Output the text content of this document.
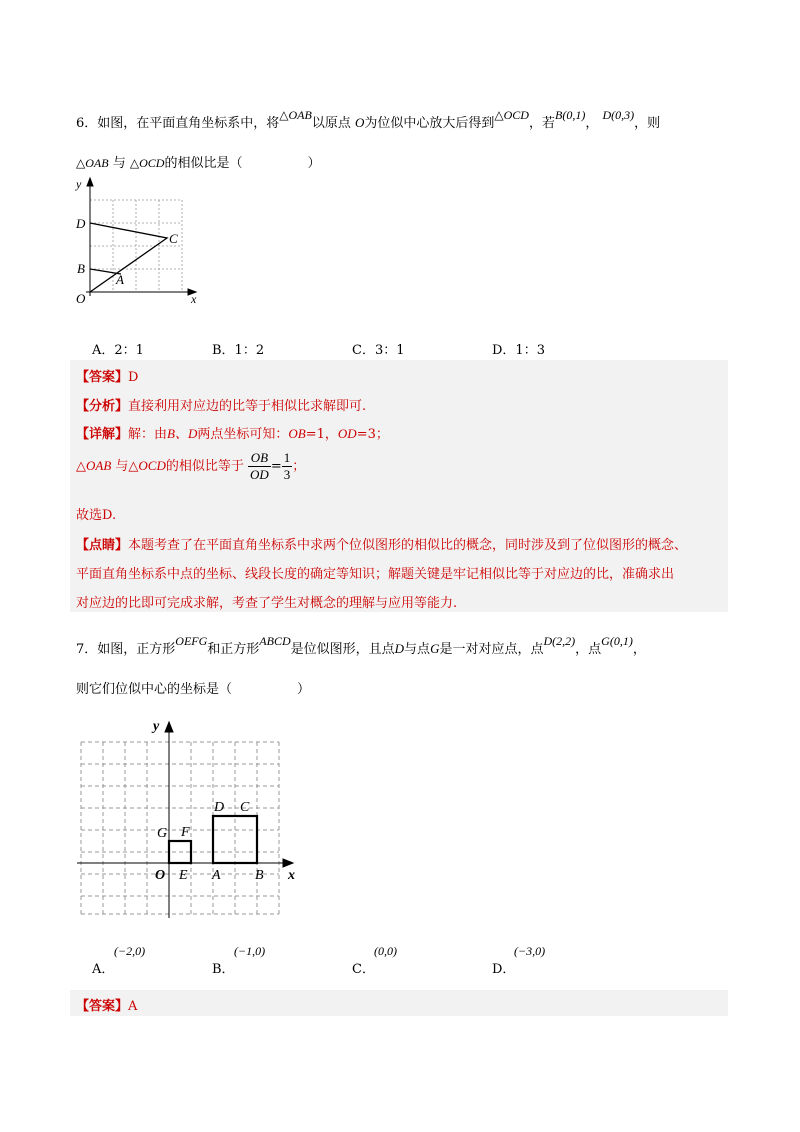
6．如图，在平面直角坐标系中，将△OAB以原点 O为位似中心放大后得到△OCD，若B(0,1)， D(0,3)，则
△OAB 与 △OCD的相似比是（　　　　　）
y
x
D
C
B
A
O
A．2：1	B．1：2	C．3：1	D．1：3
【答案】D
【分析】直接利用对应边的比等于相似比求解即可.
【详解】解：由B、D两点坐标可知：OB=1，OD=3；
△OAB 与△OCD的相似比等于 $\frac{OB}{OD} = \frac{1}{3}$ ；
故选D.
【点睛】本题考查了在平面直角坐标系中求两个位似图形的相似比的概念，同时涉及到了位似图形的概念、
平面直角坐标系中点的坐标、线段长度的确定等知识；解题关键是牢记相似比等于对应边的比，准确求出
对应边的比即可完成求解，考查了学生对概念的理解与应用等能力.
7．如图，正方形OEFG和正方形ABCD是位似图形，且点D与点G是一对对应点，点D(2,2)，点G(0,1)，
则它们位似中心的坐标是（　　　　　）
y
x
O E A B
G F
D C
(−2,0)
A．
(−1,0)
B．
(0,0)
C．
(−3,0)
D．
【答案】A
